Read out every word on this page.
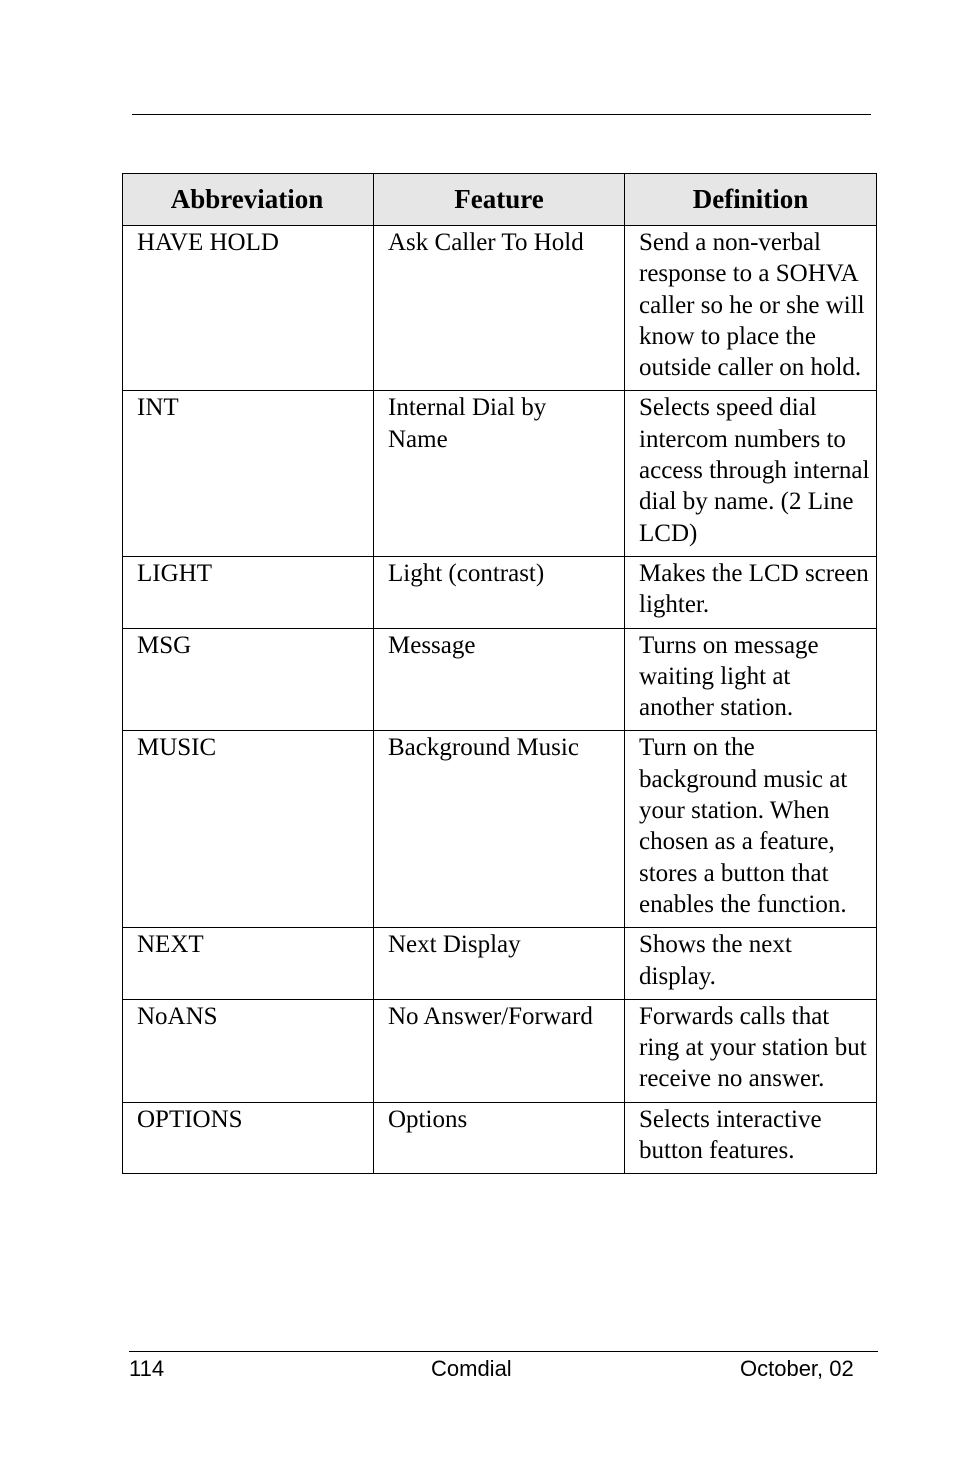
Abbreviation	Feature	Definition
HAVE HOLD	Ask Caller To Hold	Send a non-verbal response to a SOHVA caller so he or she will know to place the outside caller on hold.
INT	Internal Dial by Name	Selects speed dial intercom numbers to access through internal dial by name. (2 Line LCD)
LIGHT	Light (contrast)	Makes the LCD screen lighter.
MSG	Message	Turns on message waiting light at another station.
MUSIC	Background Music	Turn on the background music at your station. When chosen as a feature, stores a button that enables the function.
NEXT	Next Display	Shows the next display.
NoANS	No Answer/Forward	Forwards calls that ring at your station but receive no answer.
OPTIONS	Options	Selects interactive button features.
114	Comdial	October, 02
